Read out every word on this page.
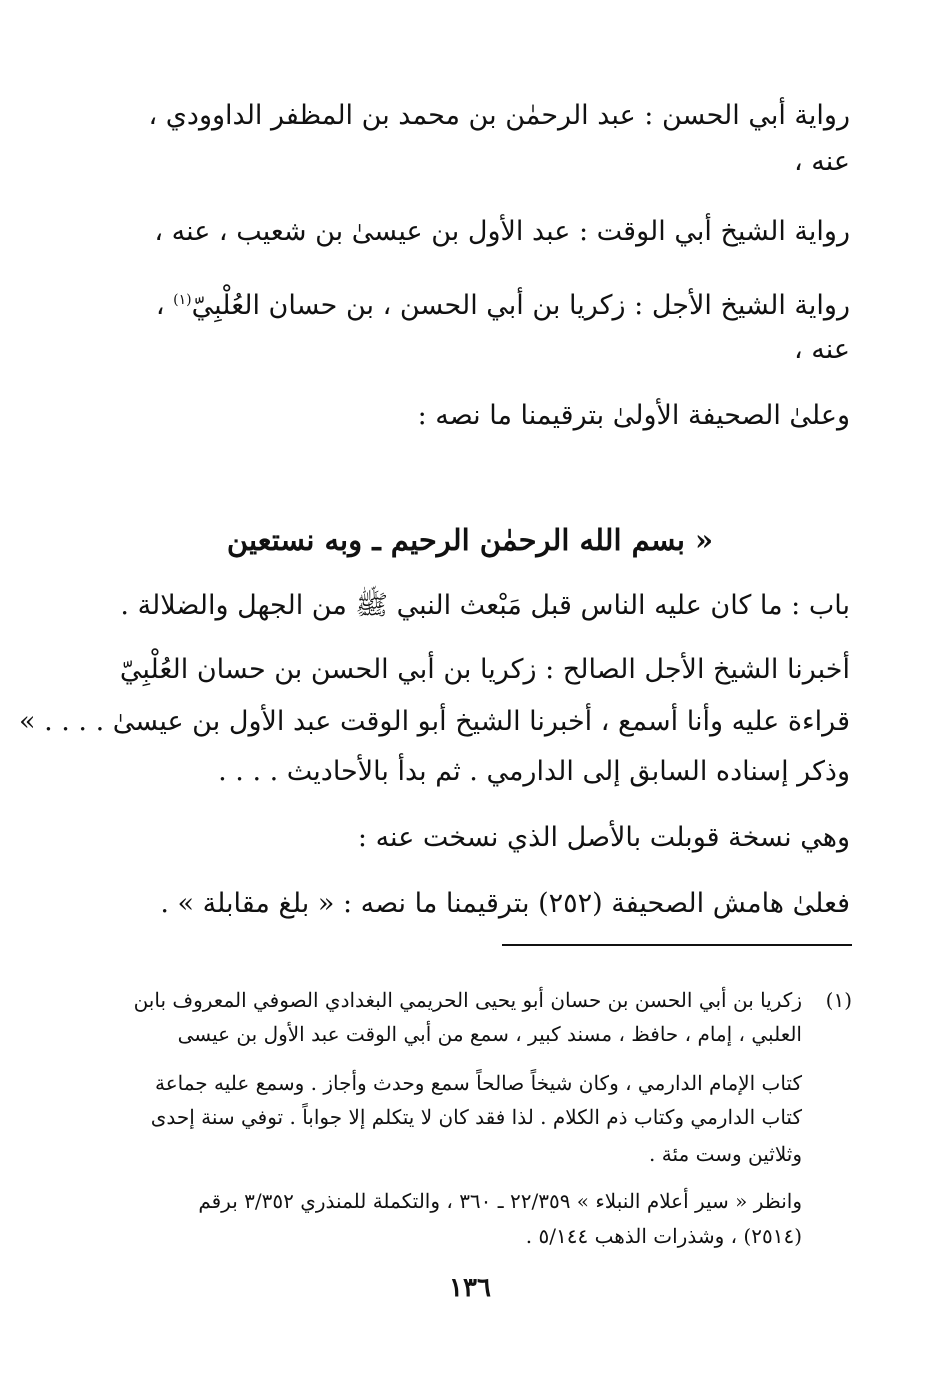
رواية أبي الحسن : عبد الرحمٰن بن محمد بن المظفر الداوودي ،
عنه ،
رواية الشيخ أبي الوقت : عبد الأول بن عيسىٰ بن شعيب ، عنه ،
رواية الشيخ الأجل : زكريا بن أبي الحسن ، بن حسان العُلْبِيّ$^{(١)}$ ،
عنه ،
وعلىٰ الصحيفة الأولىٰ بترقيمنا ما نصه :
« بسم الله الرحمٰن الرحيم ـ وبه نستعين
باب : ما كان عليه الناس قبل مَبْعث النبي ﷺ من الجهل والضلالة .
أخبرنا الشيخ الأجل الصالح : زكريا بن أبي الحسن بن حسان العُلْبِيّ
قراءة عليه وأنا أسمع ، أخبرنا الشيخ أبو الوقت عبد الأول بن عيسىٰ . . . . »
وذكر إسناده السابق إلى الدارمي . ثم بدأ بالأحاديث . . . .
وهي نسخة قوبلت بالأصل الذي نسخت عنه :
فعلىٰ هامش الصحيفة (٢٥٢) بترقيمنا ما نصه : « بلغ مقابلة » .
(١)
زكريا بن أبي الحسن بن حسان أبو يحيى الحريمي البغدادي الصوفي المعروف بابن
العلبي ، إمام ، حافظ ، مسند كبير ، سمع من أبي الوقت عبد الأول بن عيسى
كتاب الإمام الدارمي ، وكان شيخاً صالحاً سمع وحدث وأجاز . وسمع عليه جماعة
كتاب الدارمي وكتاب ذم الكلام . لذا فقد كان لا يتكلم إلا جواباً . توفي سنة إحدى
وثلاثين وست مئة .
وانظر « سير أعلام النبلاء » ٢٢/٣٥٩ ـ ٣٦٠ ، والتكملة للمنذري ٣/٣٥٢ برقم
(٢٥١٤) ، وشذرات الذهب ٥/١٤٤ .
١٣٦
